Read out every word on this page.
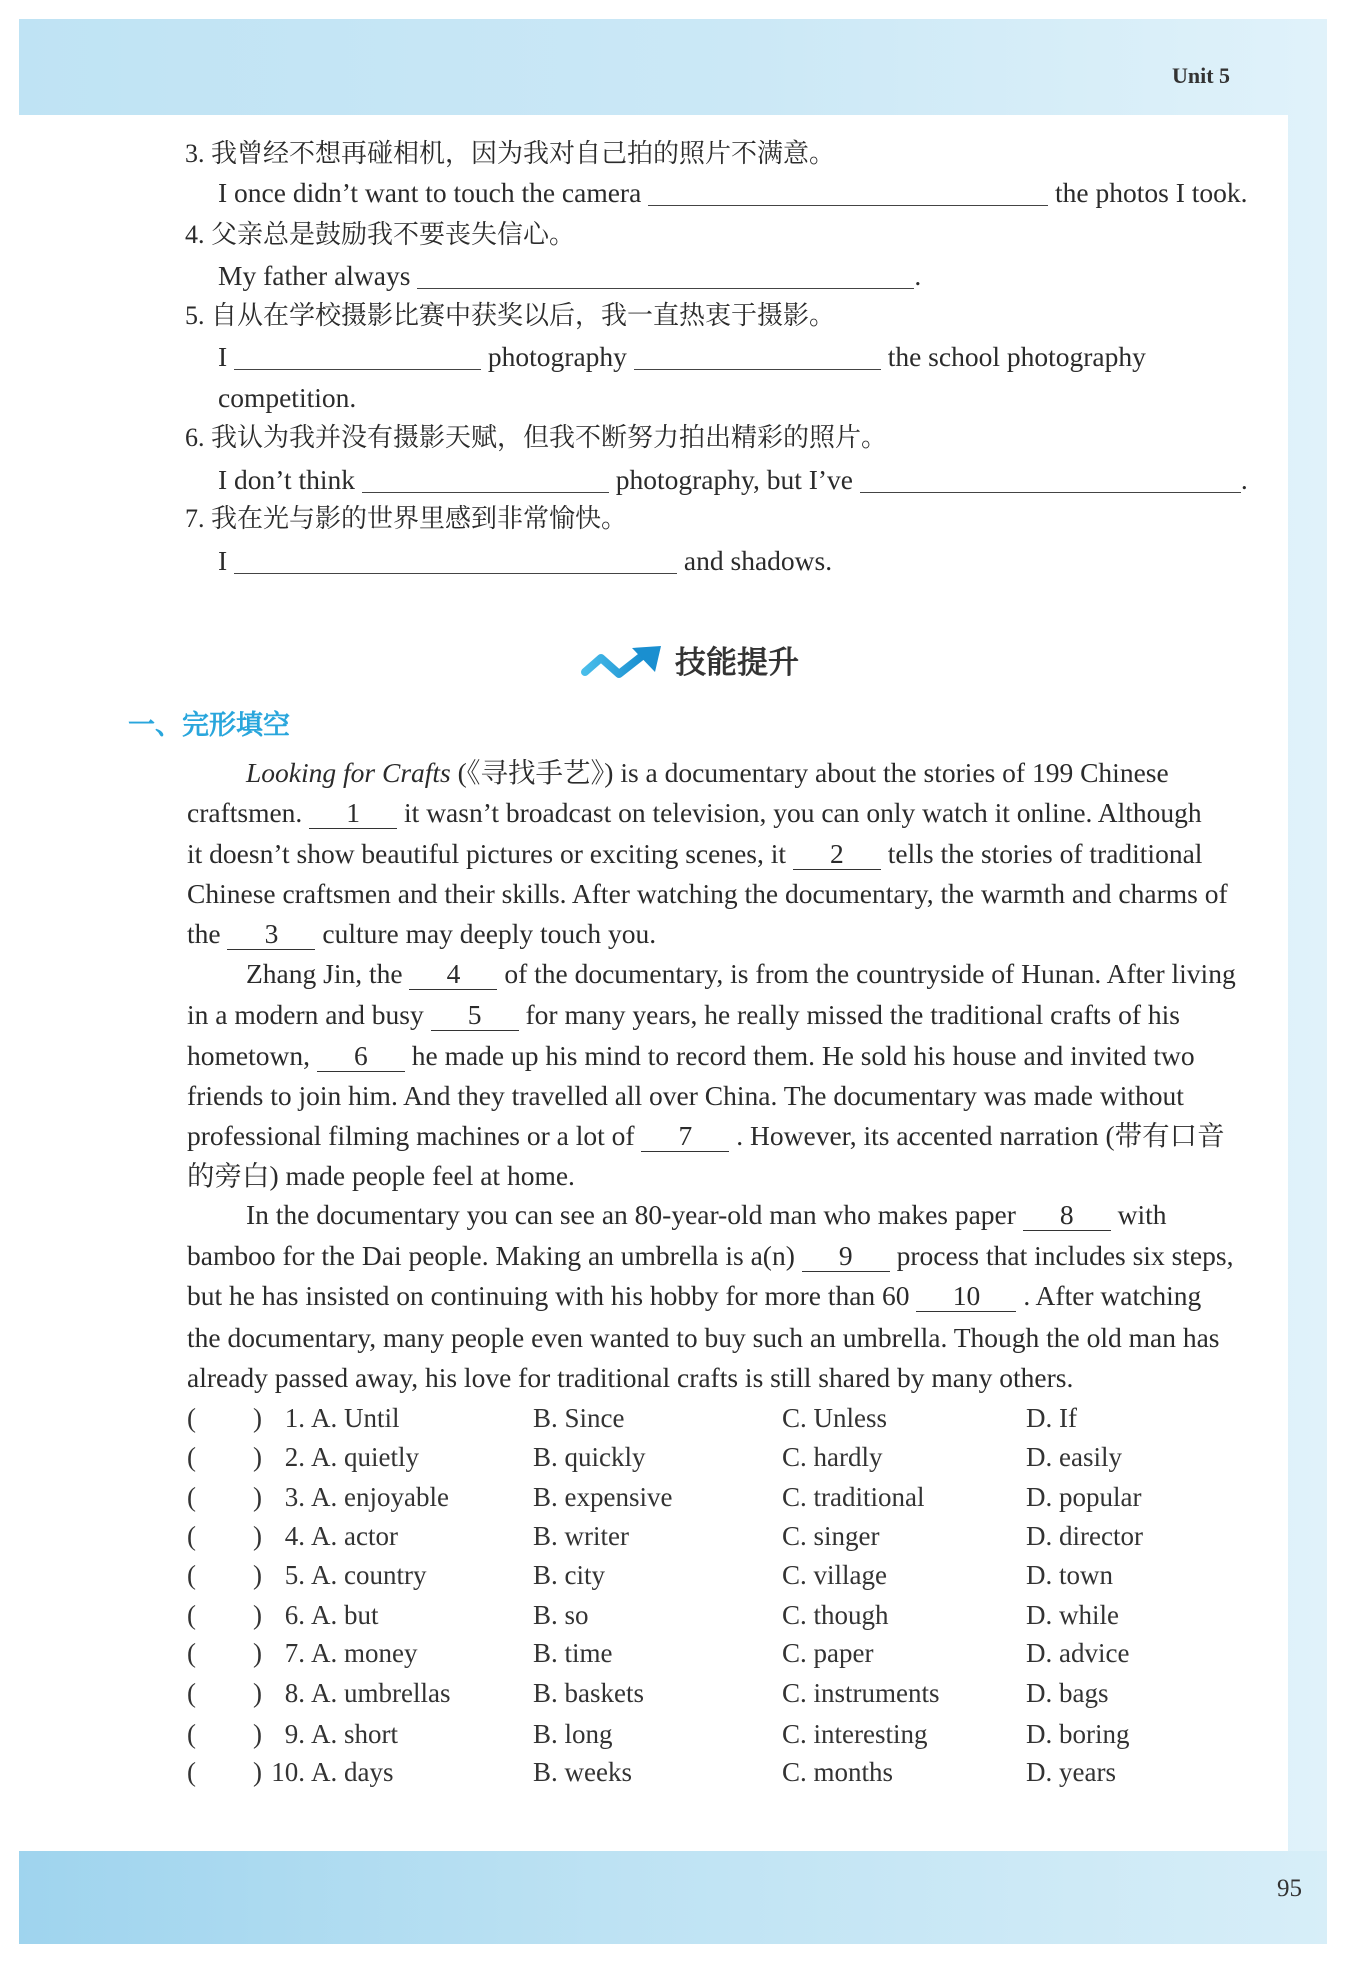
Unit 5
3. 我曾经不想再碰相机，因为我对自己拍的照片不满意。
I once didn’t want to touch the camera	the photos I took.
4. 父亲总是鼓励我不要丧失信心。
My father always	.
5. 自从在学校摄影比赛中获奖以后，我一直热衷于摄影。
I	photography	the school photography
competition.
6. 我认为我并没有摄影天赋，但我不断努力拍出精彩的照片。
I don’t think	photography, but I’ve	.
7. 我在光与影的世界里感到非常愉快。
I	and shadows.
技能提升
一、完形填空
Looking for Crafts (《寻找手艺》) is a documentary about the stories of 199 Chinese
craftsmen. 1 it wasn’t broadcast on television, you can only watch it online. Although
it doesn’t show beautiful pictures or exciting scenes, it 2 tells the stories of traditional
Chinese craftsmen and their skills. After watching the documentary, the warmth and charms of
the 3 culture may deeply touch you.
Zhang Jin, the 4 of the documentary, is from the countryside of Hunan. After living
in a modern and busy 5 for many years, he really missed the traditional crafts of his
hometown, 6 he made up his mind to record them. He sold his house and invited two
friends to join him. And they travelled all over China. The documentary was made without
professional filming machines or a lot of 7 . However, its accented narration (带有口音
的旁白) made people feel at home.
In the documentary you can see an 80-year-old man who makes paper 8 with
bamboo for the Dai people. Making an umbrella is a(n) 9 process that includes six steps,
but he has insisted on continuing with his hobby for more than 60 10 . After watching
the documentary, many people even wanted to buy such an umbrella. Though the old man has
already passed away, his love for traditional crafts is still shared by many others.
( ) 1. A. Until	B. Since	C. Unless	D. If
( ) 2. A. quietly	B. quickly	C. hardly	D. easily
( ) 3. A. enjoyable	B. expensive	C. traditional	D. popular
( ) 4. A. actor	B. writer	C. singer	D. director
( ) 5. A. country	B. city	C. village	D. town
( ) 6. A. but	B. so	C. though	D. while
( ) 7. A. money	B. time	C. paper	D. advice
( ) 8. A. umbrellas	B. baskets	C. instruments	D. bags
( ) 9. A. short	B. long	C. interesting	D. boring
( ) 10. A. days	B. weeks	C. months	D. years
95
